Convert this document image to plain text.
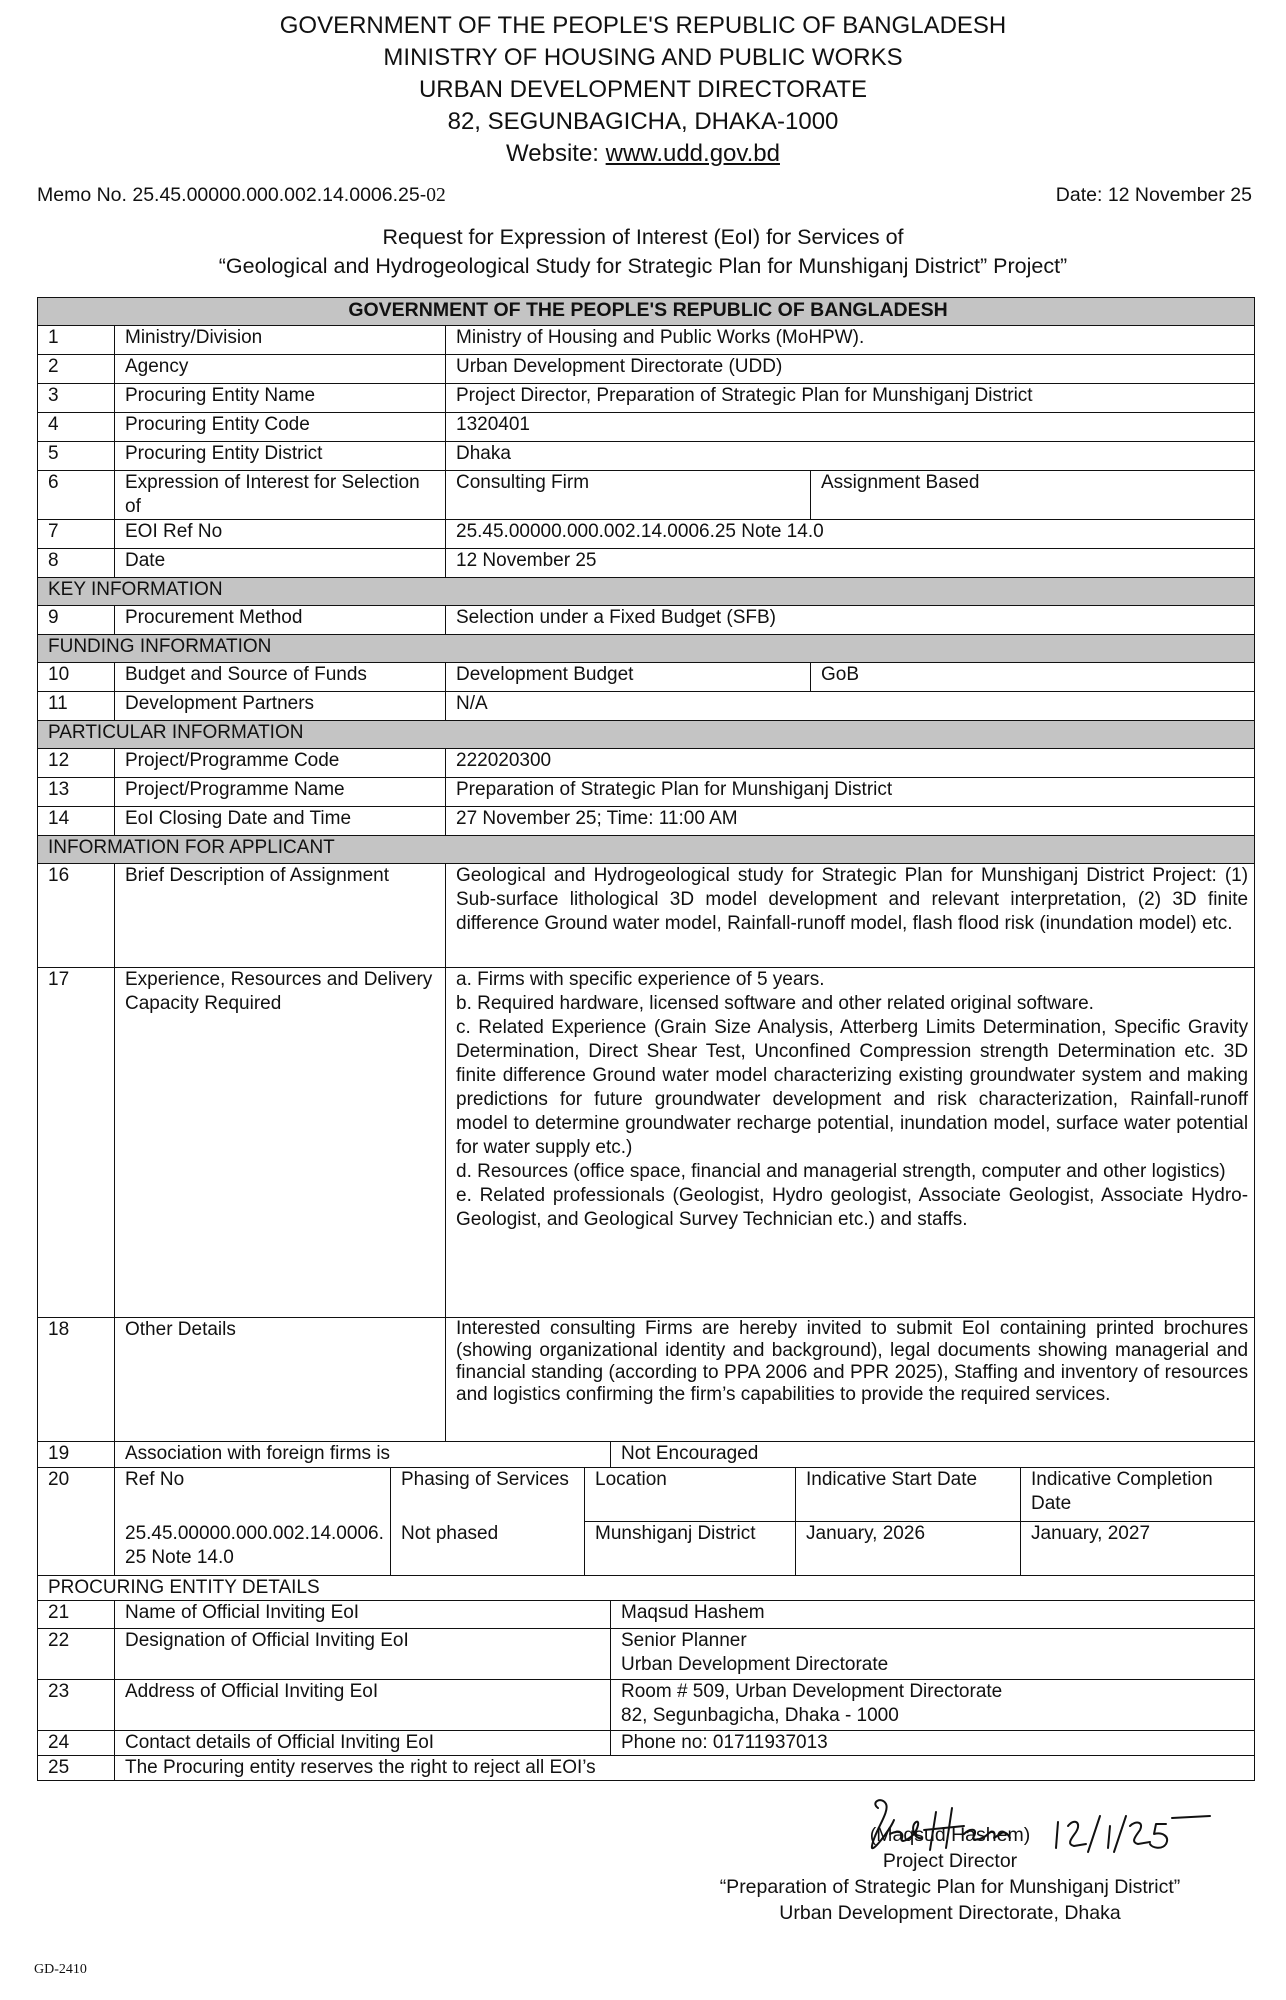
GOVERNMENT OF THE PEOPLE'S REPUBLIC OF BANGLADESH
MINISTRY OF HOUSING AND PUBLIC WORKS
URBAN DEVELOPMENT DIRECTORATE
82, SEGUNBAGICHA, DHAKA-1000
Website: www.udd.gov.bd
Memo No. 25.45.00000.000.002.14.0006.25-02	Date: 12 November 25
Request for Expression of Interest (EoI) for Services of
“Geological and Hydrogeological Study for Strategic Plan for Munshiganj District” Project”
GOVERNMENT OF THE PEOPLE'S REPUBLIC OF BANGLADESH								
1	Ministry/Division		Ministry of Housing and Public Works (MoHPW).					
2	Agency		Urban Development Directorate (UDD)					
3	Procuring Entity Name		Project Director, Preparation of Strategic Plan for Munshiganj District					
4	Procuring Entity Code		1320401					
5	Procuring Entity District		Dhaka					
6	Expression of Interest for Selection of		Consulting Firm				Assignment Based	
7	EOI Ref No		25.45.00000.000.002.14.0006.25 Note 14.0					
8	Date		12 November 25					
KEY INFORMATION								
9	Procurement Method		Selection under a Fixed Budget (SFB)					
FUNDING INFORMATION								
10	Budget and Source of Funds		Development Budget				GoB	
11	Development Partners		N/A					
PARTICULAR INFORMATION								
12	Project/Programme Code		222020300					
13	Project/Programme Name		Preparation of Strategic Plan for Munshiganj District					
14	EoI Closing Date and Time		27 November 25; Time: 11:00 AM					
INFORMATION FOR APPLICANT								
16	Brief Description of Assignment		Geological and Hydrogeological study for Strategic Plan for Munshiganj District Project: (1) Sub-surface lithological 3D model development and relevant interpretation, (2) 3D finite difference Ground water model, Rainfall-runoff model, flash flood risk (inundation model) etc.					
17	Experience, Resources and Delivery Capacity Required		a. Firms with specific experience of 5 years.
b. Required hardware, licensed software and other related original software.
c. Related Experience (Grain Size Analysis, Atterberg Limits Determination, Specific Gravity Determination, Direct Shear Test, Unconfined Compression strength Determination etc. 3D finite difference Ground water model characterizing existing groundwater system and making predictions for future groundwater development and risk characterization, Rainfall-runoff model to determine groundwater recharge potential, inundation model, surface water potential for water supply etc.)
d. Resources (office space, financial and managerial strength, computer and other logistics)
e. Related professionals (Geologist, Hydro geologist, Associate Geologist, Associate Hydro-Geologist, and Geological Survey Technician etc.) and staffs.					

18	Other Details		Interested consulting Firms are hereby invited to submit EoI containing printed brochures (showing organizational identity and background), legal documents showing managerial and financial standing (according to PPA 2006 and PPR 2025), Staffing and inventory of resources and logistics confirming the firm’s capabilities to provide the required services.					
19	Association with foreign firms is				Not Encouraged			
20	Ref No	Phasing of Services		Location		Indicative Start Date		Indicative Completion Date
	25.45.00000.000.002.14.0006.25 Note 14.0	Not phased		Munshiganj District		January, 2026		January, 2027
PROCURING ENTITY DETAILS								
21	Name of Official Inviting EoI				Maqsud Hashem			
22	Designation of Official Inviting EoI				Senior Planner
Urban Development Directorate			

23	Address of Official Inviting EoI				Room # 509, Urban Development Directorate
82, Segunbagicha, Dhaka - 1000			

24	Contact details of Official Inviting EoI				Phone no: 01711937013			
25	The Procuring entity reserves the right to reject all EOI’s							
(Maqsud Hashem)
Project Director
“Preparation of Strategic Plan for Munshiganj District”
Urban Development Directorate, Dhaka
GD-2410
